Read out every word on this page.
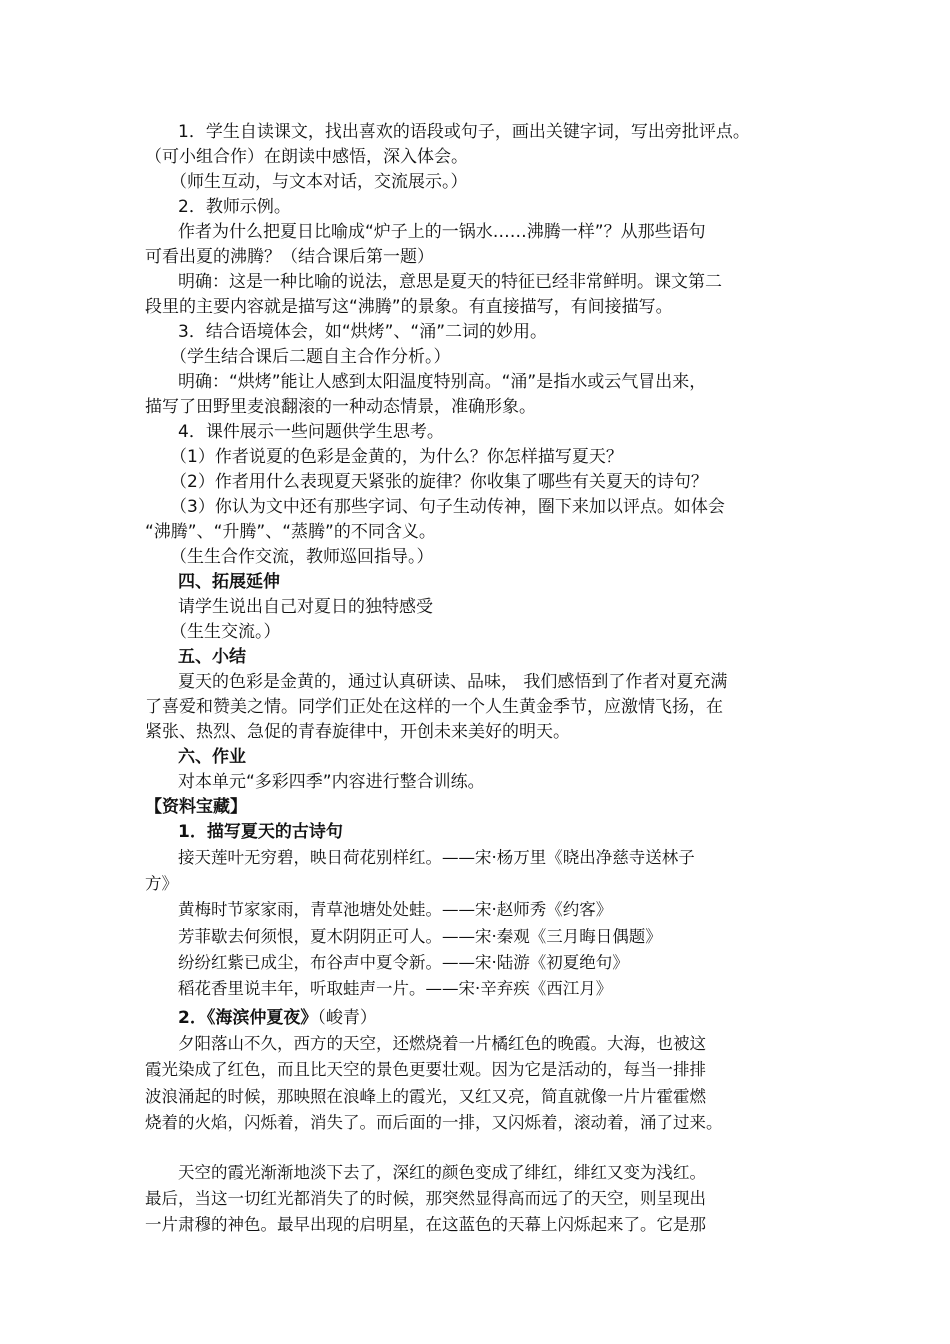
1．学生自读课文，找出喜欢的语段或句子，画出关键字词，写出旁批评点。
（可小组合作）在朗读中感悟，深入体会。
（师生互动，与文本对话，交流展示。）
2．教师示例。
作者为什么把夏日比喻成“炉子上的一锅水……沸腾一样”？从那些语句
可看出夏的沸腾？（结合课后第一题）
明确：这是一种比喻的说法，意思是夏天的特征已经非常鲜明。课文第二
段里的主要内容就是描写这“沸腾”的景象。有直接描写，有间接描写。
3．结合语境体会，如“烘烤”、“涌”二词的妙用。
（学生结合课后二题自主合作分析。）
明确：“烘烤”能让人感到太阳温度特别高。“涌”是指水或云气冒出来，
描写了田野里麦浪翻滚的一种动态情景，准确形象。
4．课件展示一些问题供学生思考。
（1）作者说夏的色彩是金黄的，为什么？你怎样描写夏天？
（2）作者用什么表现夏天紧张的旋律？你收集了哪些有关夏天的诗句？
（3）你认为文中还有那些字词、句子生动传神，圈下来加以评点。如体会
“沸腾”、“升腾”、“蒸腾”的不同含义。
（生生合作交流，教师巡回指导。）
四、拓展延伸
请学生说出自己对夏日的独特感受
（生生交流。）
五、小结
夏天的色彩是金黄的，通过认真研读、品味， 我们感悟到了作者对夏充满
了喜爱和赞美之情。同学们正处在这样的一个人生黄金季节，应激情飞扬，在
紧张、热烈、急促的青春旋律中，开创未来美好的明天。
六、作业
对本单元“多彩四季”内容进行整合训练。
【资料宝藏】
1．描写夏天的古诗句
接天莲叶无穷碧，映日荷花别样红。——宋·杨万里《晓出净慈寺送林子
方》
黄梅时节家家雨，青草池塘处处蛙。——宋·赵师秀《约客》
芳菲歇去何须恨，夏木阴阴正可人。——宋·秦观《三月晦日偶题》
纷纷红紫已成尘，布谷声中夏令新。——宋·陆游《初夏绝句》
稻花香里说丰年，听取蛙声一片。——宋·辛弃疾《西江月》
2．《海滨仲夏夜》（峻青）
夕阳落山不久，西方的天空，还燃烧着一片橘红色的晚霞。大海，也被这
霞光染成了红色，而且比天空的景色更要壮观。因为它是活动的，每当一排排
波浪涌起的时候，那映照在浪峰上的霞光，又红又亮，简直就像一片片霍霍燃
烧着的火焰，闪烁着，消失了。而后面的一排，又闪烁着，滚动着，涌了过来。
天空的霞光渐渐地淡下去了，深红的颜色变成了绯红，绯红又变为浅红。
最后，当这一切红光都消失了的时候，那突然显得高而远了的天空，则呈现出
一片肃穆的神色。最早出现的启明星，在这蓝色的天幕上闪烁起来了。它是那
